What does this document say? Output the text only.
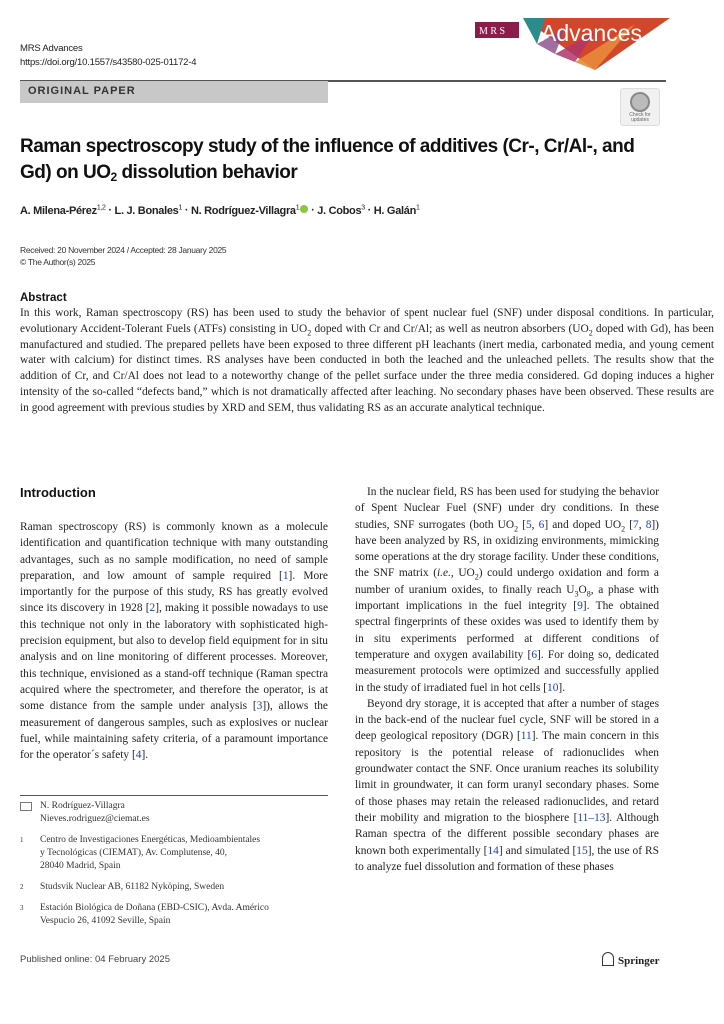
MRS Advances
https://doi.org/10.1557/s43580-025-01172-4
M R S Advances
ORIGINAL PAPER
Check for
updates
Raman spectroscopy study of the influence of additives (Cr-, Cr/Al-, and Gd) on $UO_2$ dissolution behavior
A. Milena-Pérez$^{1,2}$ · L. J. Bonales$^1$ · N. Rodríguez-Villagra$^1$ · J. Cobos$^3$ · H. Galán$^1$
Received: 20 November 2024 / Accepted: 28 January 2025
© The Author(s) 2025
Abstract
In this work, Raman spectroscopy (RS) has been used to study the behavior of spent nuclear fuel (SNF) under disposal conditions. In particular, evolutionary Accident-Tolerant Fuels (ATFs) consisting in $UO_2$ doped with Cr and Cr/Al; as well as neutron absorbers ($UO_2$ doped with Gd), has been manufactured and studied. The prepared pellets have been exposed to three different pH leachants (inert media, carbonated media, and young cement water with calcium) for distinct times. RS analyses have been conducted in both the leached and the unleached pellets. The results show that the addition of Cr, and Cr/Al does not lead to a noteworthy change of the pellet surface under the three media considered. Gd doping induces a higher intensity of the so-called “defects band,” which is not dramatically affected after leaching. No secondary phases have been observed. These results are in good agreement with previous studies by XRD and SEM, thus validating RS as an accurate analytical technique.
Introduction

Raman spectroscopy (RS) is commonly known as a molecule identification and quantification technique with many outstanding advantages, such as no sample modification, no need of sample preparation, and low amount of sample required [1]. More importantly for the purpose of this study, RS has greatly evolved since its discovery in 1928 [2], making it possible nowadays to use this technique not only in the laboratory with sophisticated high-precision equipment, but also to develop field equipment for in situ analysis and on line monitoring of different processes. Moreover, this technique, envisioned as a stand-off technique (Raman spectra acquired where the spectrometer, and therefore the operator, is at some distance from the sample under analysis [3]), allows the measurement of dangerous samples, such as explosives or nuclear fuel, while maintaining safety criteria, of a paramount importance for the operator´s safety [4].

In the nuclear field, RS has been used for studying the behavior of Spent Nuclear Fuel (SNF) under dry conditions. In these studies, SNF surrogates (both $UO_2$ [5, 6] and doped $UO_2$ [7, 8]) have been analyzed by RS, in oxidizing environments, mimicking some operations at the dry storage facility. Under these conditions, the SNF matrix (i.e., $UO_2$) could undergo oxidation and form a number of uranium oxides, to finally reach $U_3O_8$, a phase with important implications in the fuel integrity [9]. The obtained spectral fingerprints of these oxides was used to identify them by in situ experiments performed at different conditions of temperature and oxygen availability [6]. For doing so, dedicated measurement protocols were optimized and successfully applied in the study of irradiated fuel in hot cells [10].

Beyond dry storage, it is accepted that after a number of stages in the back-end of the nuclear fuel cycle, SNF will be stored in a deep geological repository (DGR) [11]. The main concern in this repository is the potential release of radionuclides when groundwater contact the SNF. Once uranium reaches its solubility limit in groundwater, it can form uranyl secondary phases. Some of those phases may retain the released radionuclides, and retard their mobility and migration to the biosphere [11–13]. Although Raman spectra of the different possible secondary phases are known both experimentally [14] and simulated [15], the use of RS to analyze fuel dissolution and formation of these phases

N. Rodríguez-Villagra
Nieves.rodriguez@ciemat.es
1 Centro de Investigaciones Energéticas, Medioambientales
y Tecnológicas (CIEMAT), Av. Complutense, 40,
28040 Madrid, Spain
2 Studsvik Nuclear AB, 61182 Nyköping, Sweden
3 Estación Biológica de Doñana (EBD-CSIC), Avda. Américo
Vespucio 26, 41092 Seville, Spain
Published online: 04 February 2025	Springer
